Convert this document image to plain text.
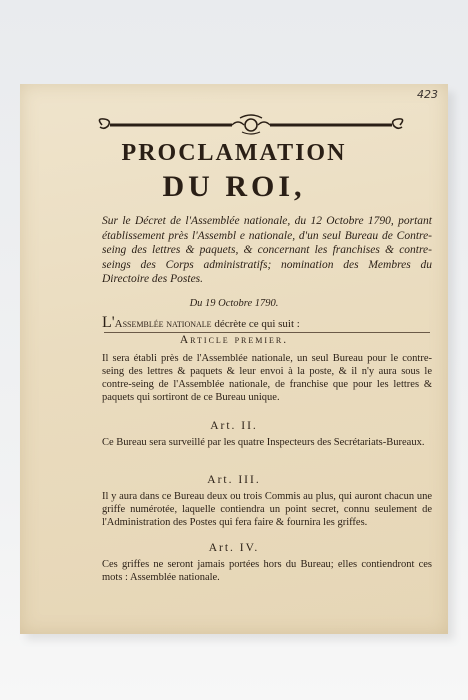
423
PROCLAMATION
DU ROI,
Sur le Décret de l'Assemblée nationale, du 12 Octobre 1790, portant établissement près l'Assembl e nationale, d'un seul Bureau de Contre-seing des lettres & paquets, & concernant les franchises & contre-seings des Corps administratifs; nomination des Membres du Directoire des Postes.
Du 19 Octobre 1790.
L'Assemblée nationale décrète ce qui suit :
Article premier.
Il sera établi près de l'Assemblée nationale, un seul Bureau pour le contre-seing des lettres & paquets & leur envoi à la poste, & il n'y aura sous le contre-seing de l'Assemblée nationale, de franchise que pour les lettres & paquets qui sortiront de ce Bureau unique.
Art. II.
Ce Bureau sera surveillé par les quatre Inspecteurs des Secrétariats-Bureaux.
Art. III.
Il y aura dans ce Bureau deux ou trois Commis au plus, qui auront chacun une griffe numérotée, laquelle contiendra un point secret, connu seulement de l'Administration des Postes qui fera faire & fournira les griffes.
Art. IV.
Ces griffes ne seront jamais portées hors du Bureau; elles contiendront ces mots : Assemblée nationale.
